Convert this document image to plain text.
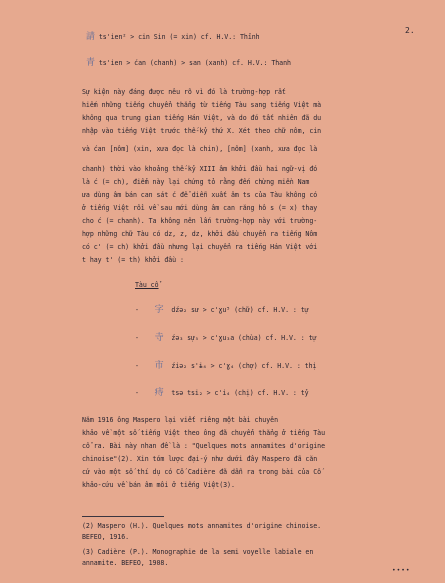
2.
請 ts'ien² > cin Sin (= xin) cf. H.V.: Thỉnh
青 ts'ien > ćan (chanh) > san (xanh) cf. H.V.: Thanh
Sự kiện này đáng được nêu rõ vì đó là trường-hợp rất
hiếm những tiếng chuyển thẳng từ tiếng Tàu sang tiếng Việt mà
không qua trung gian tiếng Hán Việt, và do đó tất nhiên đã du
nhập vào tiếng Việt trước thế-kỷ thứ X. Xét theo chữ nôm, cin
và ćan [nôm] (xin, xưa đọc là chin), [nôm] (xanh, xưa đọc là
chanh) thời vào khoảng thế-kỷ XIII âm khởi đầu hai ngữ-vị đó
là ć (= ch), điểm này lại chứng tỏ rằng đến chừng miền Nam
ưa dùng âm bán can sát ć để diễn xuất âm ts của Tàu không có
ở tiếng Việt rồi về sau mới dùng âm can răng hô s (= x) thay
cho ć (= chanh). Ta không nên lấn trường-hợp này với trường-
hợp những chữ Tàu có dz, z, dz, khởi đầu chuyển ra tiếng Nôm
có c' (= ch) khởi đầu nhưng lại chuyển ra tiếng Hán Việt với
t hay t' (= th) khởi đầu :
Tàu cổ
- 字 dźə₂ sư > c'ɣu⁵ (chữ) cf. H.V. : tự
- 寺 źə₃ sự₅ > c'ɣu₃a (chùa) cf. H.V. : tự
- 市 źiə₂ s'ɨ₄ > c'ɣ₄ (chợ) cf. H.V. : thị
- 痔 tsə tsi₂ > c'i₄ (chị) cf. H.V. : tỷ
Năm 1916 ông Maspero lại viết riêng một bài chuyên
khảo về một số tiếng Việt theo ông đã chuyển thẳng ở tiếng Tàu
cổ ra. Bài này nhan đề là : "Quelques mots annamites d'origine
chinoise"(2). Xin tóm lược đại-ý như dưới đây Maspero đã căn
cứ vào một số thí dụ có Cố Cadière đã dẫn ra trong bài của Cố
khảo-cứu về bán âm môi ở tiếng Việt(3).
(2) Maspero (H.). Quelques mots annamites d'origine chinoise.
BEFEO, 1916.
(3) Cadière (P.). Monographie de la semi voyelle labiale en
annamite. BEFEO, 1908.
••••
